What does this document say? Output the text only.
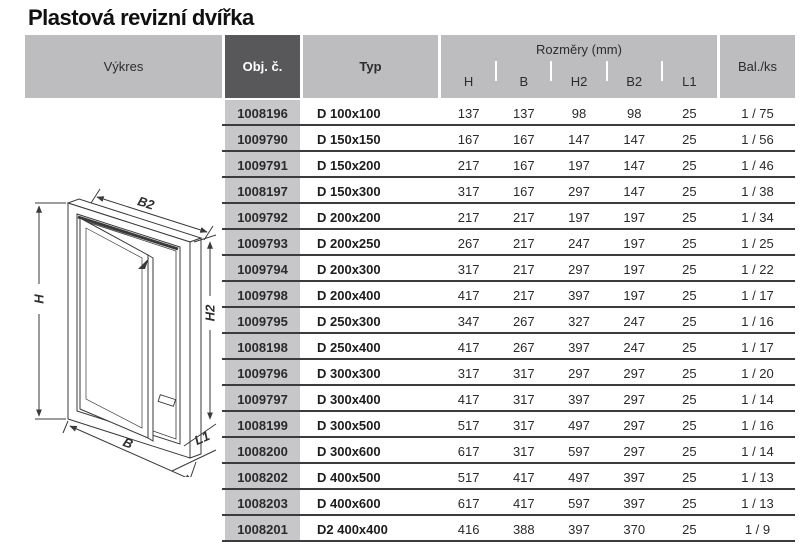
Plastová revizní dvířka
H
B2
H2
B	L1
Výkres	Obj. č.	Typ
Rozměry (mm)
H	B	H2	B2	L1
Bal./ks
1008196	D 100x100	137	137	98	98	25	1 / 75
1009790	D 150x150	167	167	147	147	25	1 / 56
1009791	D 150x200	217	167	197	147	25	1 / 46
1008197	D 150x300	317	167	297	147	25	1 / 38
1009792	D 200x200	217	217	197	197	25	1 / 34
1009793	D 200x250	267	217	247	197	25	1 / 25
1009794	D 200x300	317	217	297	197	25	1 / 22
1009798	D 200x400	417	217	397	197	25	1 / 17
1009795	D 250x300	347	267	327	247	25	1 / 16
1008198	D 250x400	417	267	397	247	25	1 / 17
1009796	D 300x300	317	317	297	297	25	1 / 20
1009797	D 300x400	417	317	397	297	25	1 / 14
1008199	D 300x500	517	317	497	297	25	1 / 16
1008200	D 300x600	617	317	597	297	25	1 / 14
1008202	D 400x500	517	417	497	397	25	1 / 13
1008203	D 400x600	617	417	597	397	25	1 / 13
1008201	D2 400x400	416	388	397	370	25	1 / 9
